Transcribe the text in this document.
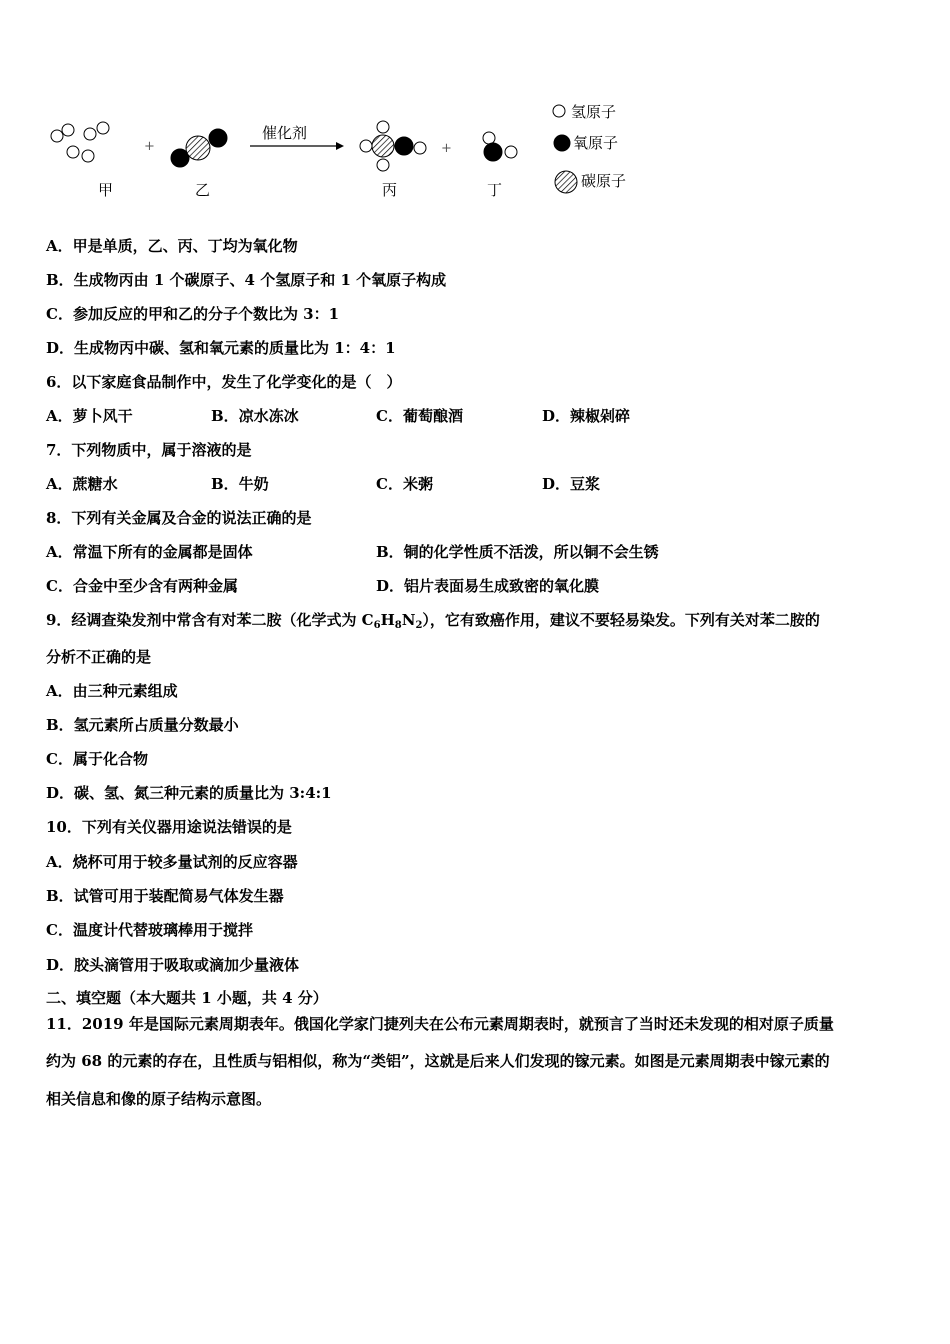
+
催化剂
+
甲	乙	丙	丁
氢原子
氧原子
碳原子
A．甲是单质，乙、丙、丁均为氧化物
B．生成物丙由 1 个碳原子、4 个氢原子和 1 个氧原子构成
C．参加反应的甲和乙的分子个数比为 3：1
D．生成物丙中碳、氢和氧元素的质量比为 1：4：1
6．以下家庭食品制作中，发生了化学变化的是（　）
A．萝卜风干	B．凉水冻冰	C．葡萄酿酒	D．辣椒剁碎
7．下列物质中，属于溶液的是
A．蔗糖水	B．牛奶	C．米粥	D．豆浆
8．下列有关金属及合金的说法正确的是
A．常温下所有的金属都是固体	B．铜的化学性质不活泼，所以铜不会生锈
C．合金中至少含有两种金属	D．铝片表面易生成致密的氧化膜
9．经调查染发剂中常含有对苯二胺（化学式为 $C_6H_8N_2$），它有致癌作用，建议不要轻易染发。下列有关对苯二胺的
分析不正确的是
A．由三种元素组成
B．氢元素所占质量分数最小
C．属于化合物
D．碳、氢、氮三种元素的质量比为 3:4:1
10．下列有关仪器用途说法错误的是
A．烧杯可用于较多量试剂的反应容器
B．试管可用于装配简易气体发生器
C．温度计代替玻璃棒用于搅拌
D．胶头滴管用于吸取或滴加少量液体
二、填空题（本大题共 1 小题，共 4 分）
11．2019 年是国际元素周期表年。俄国化学家门捷列夫在公布元素周期表时，就预言了当时还未发现的相对原子质量
约为 68 的元素的存在，且性质与铝相似，称为“类铝”，这就是后来人们发现的镓元素。如图是元素周期表中镓元素的
相关信息和像的原子结构示意图。
